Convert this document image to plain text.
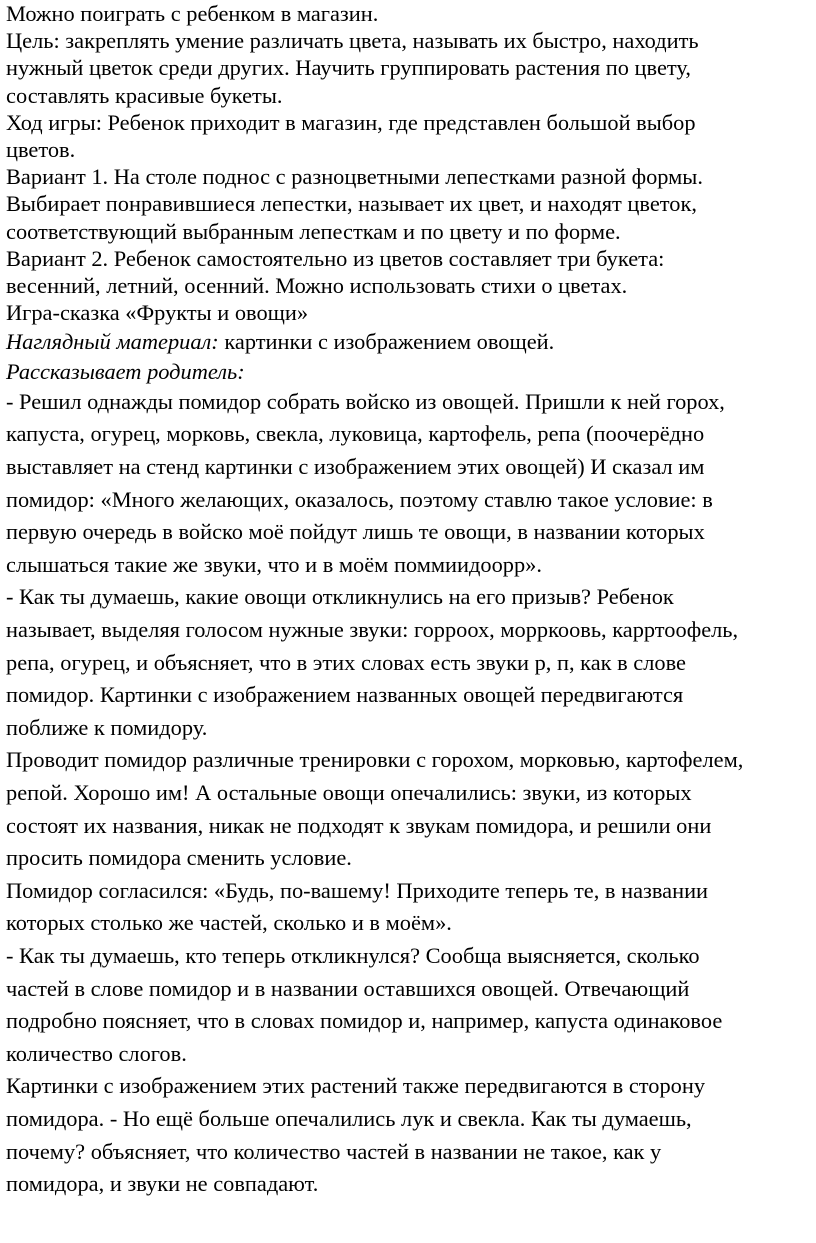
Можно поиграть с ребенком в магазин.

Цель: закреплять умение различать цвета, называть их быстро, находить
нужный цветок среди других. Научить группировать растения по цвету,
составлять красивые букеты.

Ход игры: Ребенок приходит в магазин, где представлен большой выбор
цветов.

Вариант 1. На столе поднос с разноцветными лепестками разной формы.
Выбирает понравившиеся лепестки, называет их цвет, и находят цветок,
соответствующий выбранным лепесткам и по цвету и по форме.

Вариант 2. Ребенок самостоятельно из цветов составляет три букета:
весенний, летний, осенний. Можно использовать стихи о цветах.

Игра-сказка «Фрукты и овощи»

Наглядный материал: картинки с изображением овощей.

Рассказывает родитель:

- Решил однажды помидор собрать войско из овощей. Пришли к ней горох,
капуста, огурец, морковь, свекла, луковица, картофель, репа (поочерёдно
выставляет на стенд картинки с изображением этих овощей) И сказал им
помидор: «Много желающих, оказалось, поэтому ставлю такое условие: в
первую очередь в войско моё пойдут лишь те овощи, в названии которых
слышаться такие же звуки, что и в моём поммиидоорр».

- Как ты думаешь, какие овощи откликнулись на его призыв? Ребенок
называет, выделяя голосом нужные звуки: горроох, морркоовь, карртоофель,
репа, огурец, и объясняет, что в этих словах есть звуки р, п, как в слове
помидор. Картинки с изображением названных овощей передвигаются
поближе к помидору.

Проводит помидор различные тренировки с горохом, морковью, картофелем,
репой. Хорошо им! А остальные овощи опечалились: звуки, из которых
состоят их названия, никак не подходят к звукам помидора, и решили они
просить помидора сменить условие.

Помидор согласился: «Будь, по-вашему! Приходите теперь те, в названии
которых столько же частей, сколько и в моём».

- Как ты думаешь, кто теперь откликнулся? Сообща выясняется, сколько
частей в слове помидор и в названии оставшихся овощей. Отвечающий
подробно поясняет, что в словах помидор и, например, капуста одинаковое
количество слогов.

Картинки с изображением этих растений также передвигаются в сторону
помидора. - Но ещё больше опечалились лук и свекла. Как ты думаешь,
почему? объясняет, что количество частей в названии не такое, как у
помидора, и звуки не совпадают.
